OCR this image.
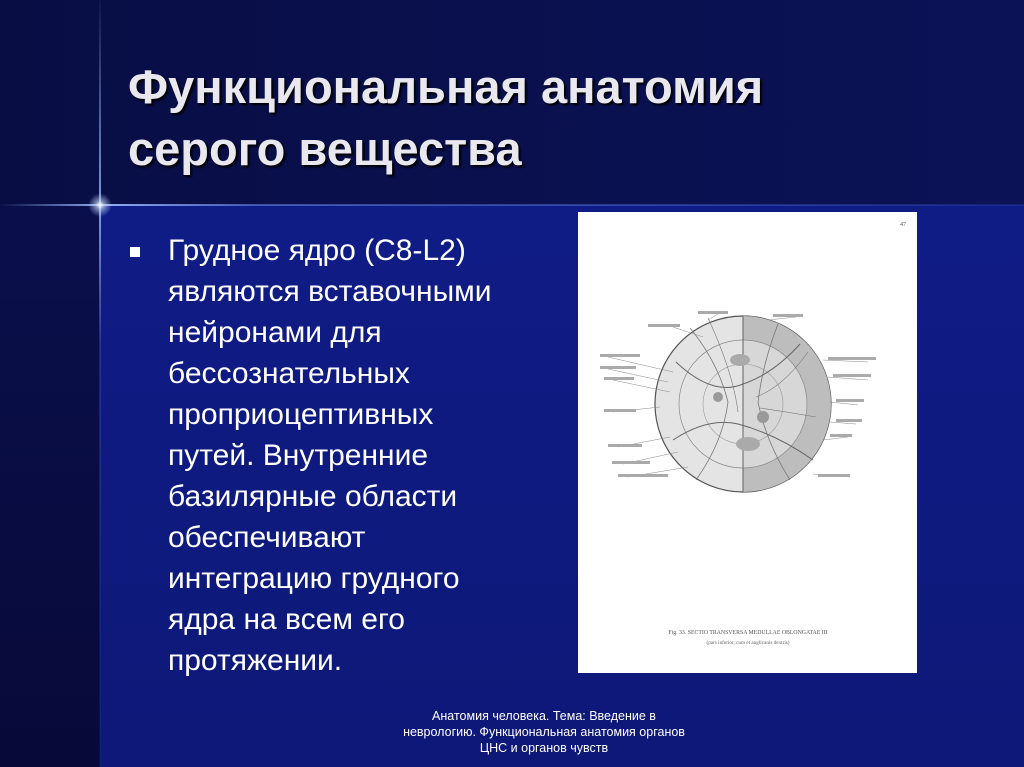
Функциональная анатомия
серого вещества
Грудное ядро (С8-L2) являются вставочными нейронами для бессознательных проприоцептивных путей. Внутренние базилярные области обеспечивают интеграцию грудного ядра на всем его протяжении.
47
Fig. 33. SECTIO TRANSVERSA MEDULLAE OBLONGATAE III
(pars inferior, cum et anglicanis dextris)
Анатомия человека. Тема: Введение в неврологию. Функциональная анатомия органов ЦНС и органов чувств
